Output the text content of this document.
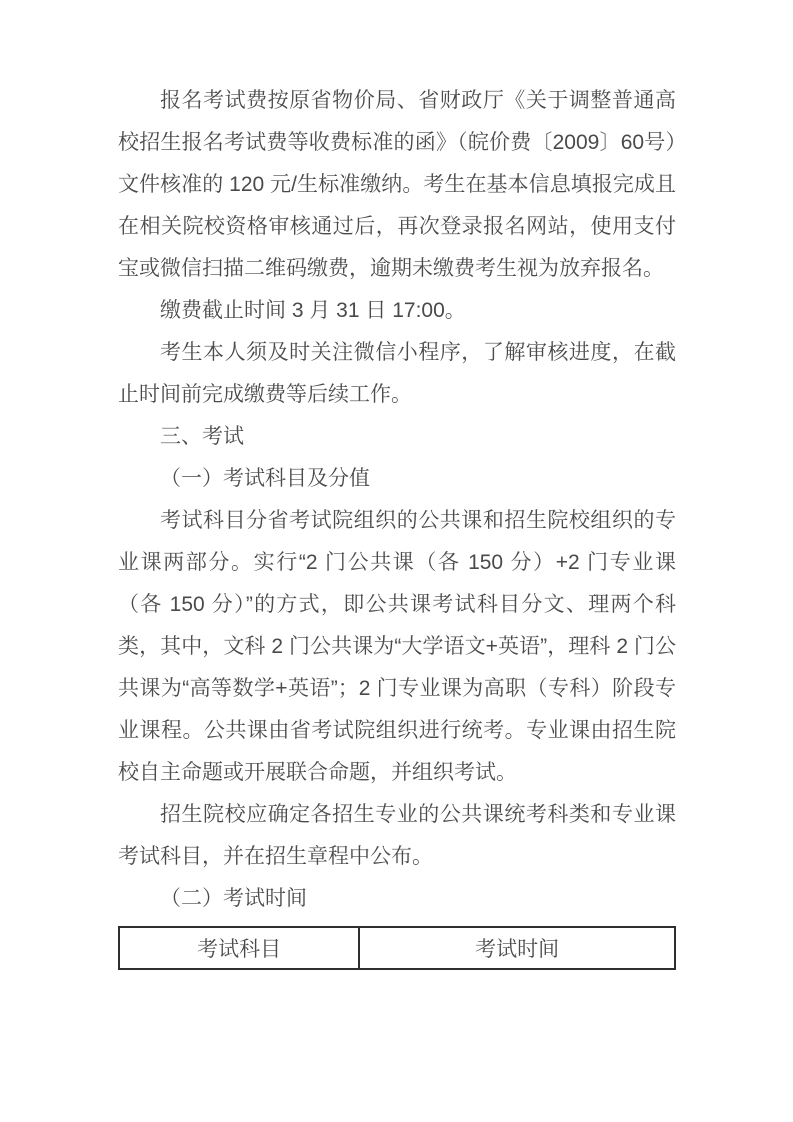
报名考试费按原省物价局、省财政厅《关于调整普通高校招生报名考试费等收费标准的函》（皖价费〔2009〕60号）文件核准的 120 元/生标准缴纳。考生在基本信息填报完成且在相关院校资格审核通过后，再次登录报名网站，使用支付宝或微信扫描二维码缴费，逾期未缴费考生视为放弃报名。

缴费截止时间 3 月 31 日 17:00。

考生本人须及时关注微信小程序，了解审核进度，在截止时间前完成缴费等后续工作。

三、考试

（一）考试科目及分值

考试科目分省考试院组织的公共课和招生院校组织的专业课两部分。实行“2 门公共课（各 150 分）+2 门专业课（各 150 分）”的方式，即公共课考试科目分文、理两个科类，其中，文科 2 门公共课为“大学语文+英语”，理科 2 门公共课为“高等数学+英语”；2 门专业课为高职（专科）阶段专业课程。公共课由省考试院组织进行统考。专业课由招生院校自主命题或开展联合命题，并组织考试。

招生院校应确定各招生专业的公共课统考科类和专业课考试科目，并在招生章程中公布。

（二）考试时间

考试科目	考试时间
